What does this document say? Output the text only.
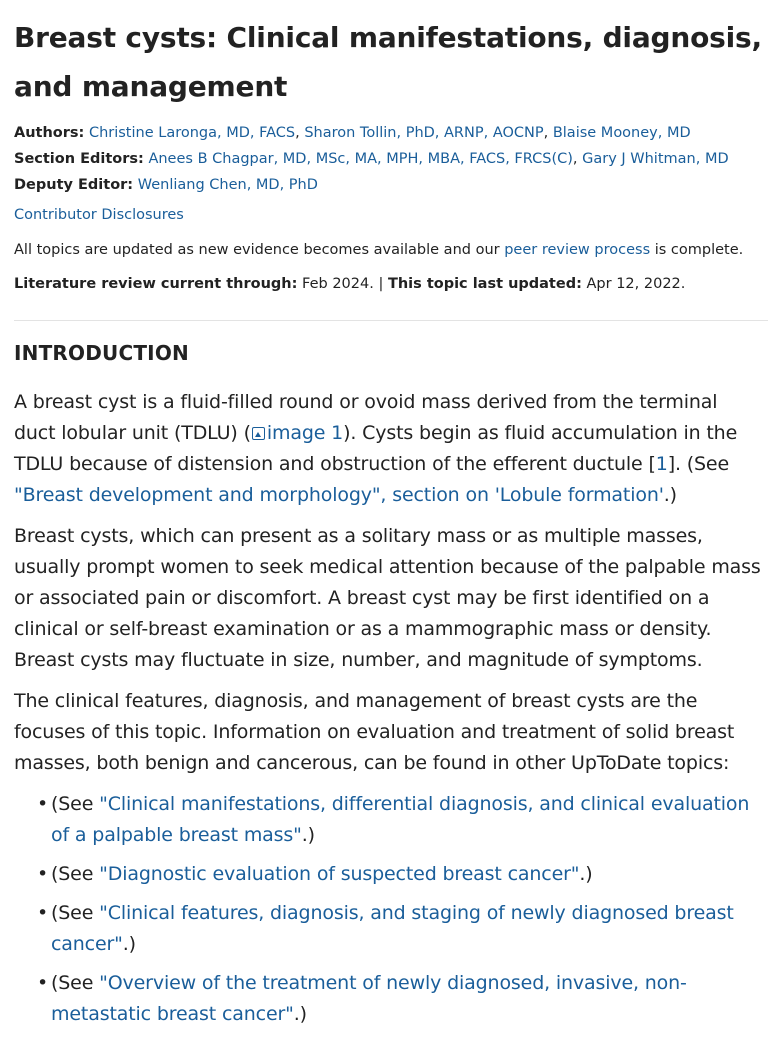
Breast cysts: Clinical manifestations, diagnosis, and management
Authors: Christine Laronga, MD, FACS, Sharon Tollin, PhD, ARNP, AOCNP, Blaise Mooney, MD
Section Editors: Anees B Chagpar, MD, MSc, MA, MPH, MBA, FACS, FRCS(C), Gary J Whitman, MD
Deputy Editor: Wenliang Chen, MD, PhD
Contributor Disclosures
All topics are updated as new evidence becomes available and our peer review process is complete.
Literature review current through: Feb 2024. | This topic last updated: Apr 12, 2022.
INTRODUCTION

A breast cyst is a fluid-filled round or ovoid mass derived from the terminal duct lobular unit (TDLU) ( image 1). Cysts begin as fluid accumulation in the TDLU because of distension and obstruction of the efferent ductule [1]. (See "Breast development and morphology", section on 'Lobule formation'.)

Breast cysts, which can present as a solitary mass or as multiple masses, usually prompt women to seek medical attention because of the palpable mass or associated pain or discomfort. A breast cyst may be first identified on a clinical or self-breast examination or as a mammographic mass or density. Breast cysts may fluctuate in size, number, and magnitude of symptoms.

The clinical features, diagnosis, and management of breast cysts are the focuses of this topic. Information on evaluation and treatment of solid breast masses, both benign and cancerous, can be found in other UpToDate topics:

• (See "Clinical manifestations, differential diagnosis, and clinical evaluation of a palpable breast mass".)
• (See "Diagnostic evaluation of suspected breast cancer".)
• (See "Clinical features, diagnosis, and staging of newly diagnosed breast cancer".)
• (See "Overview of the treatment of newly diagnosed, invasive, non-metastatic breast cancer".)
